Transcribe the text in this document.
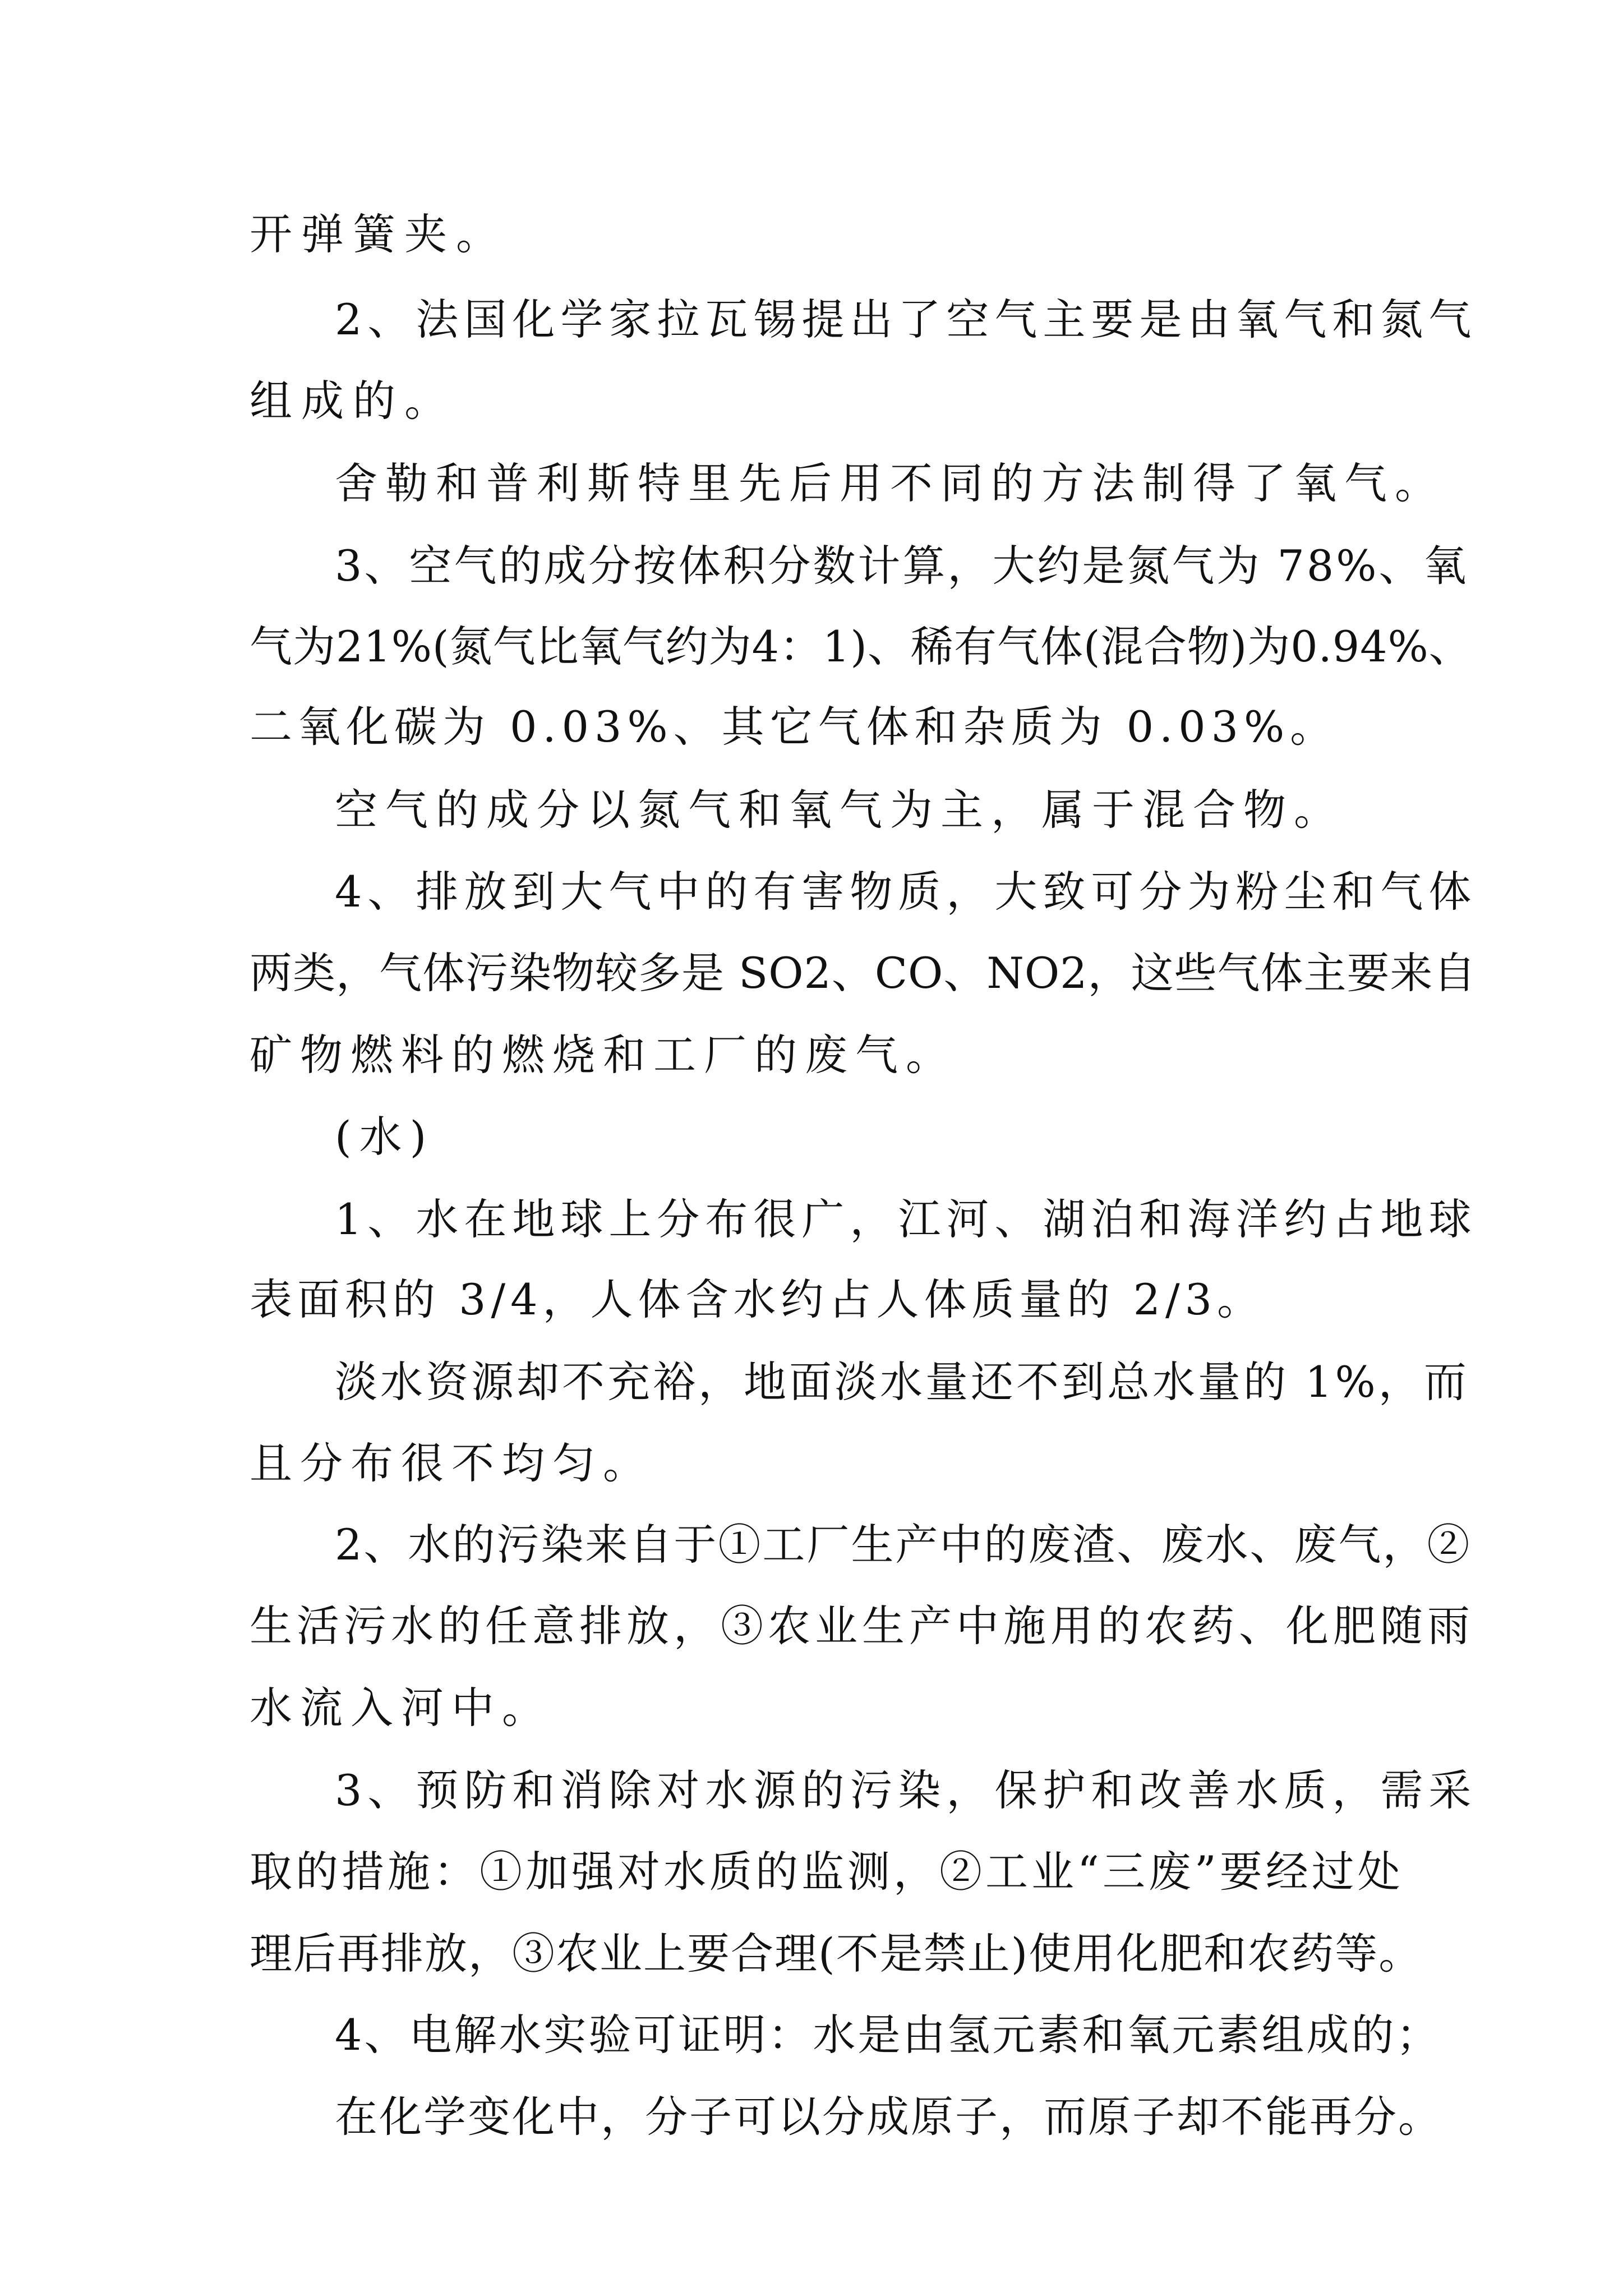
开弹簧夹。
2、法国化学家拉瓦锡提出了空气主要是由氧气和氮气
组成的。
舍勒和普利斯特里先后用不同的方法制得了氧气。
3、空气的成分按体积分数计算，大约是氮气为 78%、氧
气为21%(氮气比氧气约为4：1)、稀有气体(混合物)为0.94%、
二氧化碳为 0.03%、其它气体和杂质为 0.03%。
空气的成分以氮气和氧气为主，属于混合物。
4、排放到大气中的有害物质，大致可分为粉尘和气体
两类，气体污染物较多是 SO2、CO、NO2，这些气体主要来自
矿物燃料的燃烧和工厂的废气。
(水)
1、水在地球上分布很广，江河、湖泊和海洋约占地球
表面积的 3/4，人体含水约占人体质量的 2/3。
淡水资源却不充裕，地面淡水量还不到总水量的 1%，而
且分布很不均匀。
2、水的污染来自于①工厂生产中的废渣、废水、废气，②
生活污水的任意排放，③农业生产中施用的农药、化肥随雨
水流入河中。
3、预防和消除对水源的污染，保护和改善水质，需采
取的措施：①加强对水质的监测，②工业“三废”要经过处
理后再排放，③农业上要合理(不是禁止)使用化肥和农药等。
4、电解水实验可证明：水是由氢元素和氧元素组成的；
在化学变化中，分子可以分成原子，而原子却不能再分。
